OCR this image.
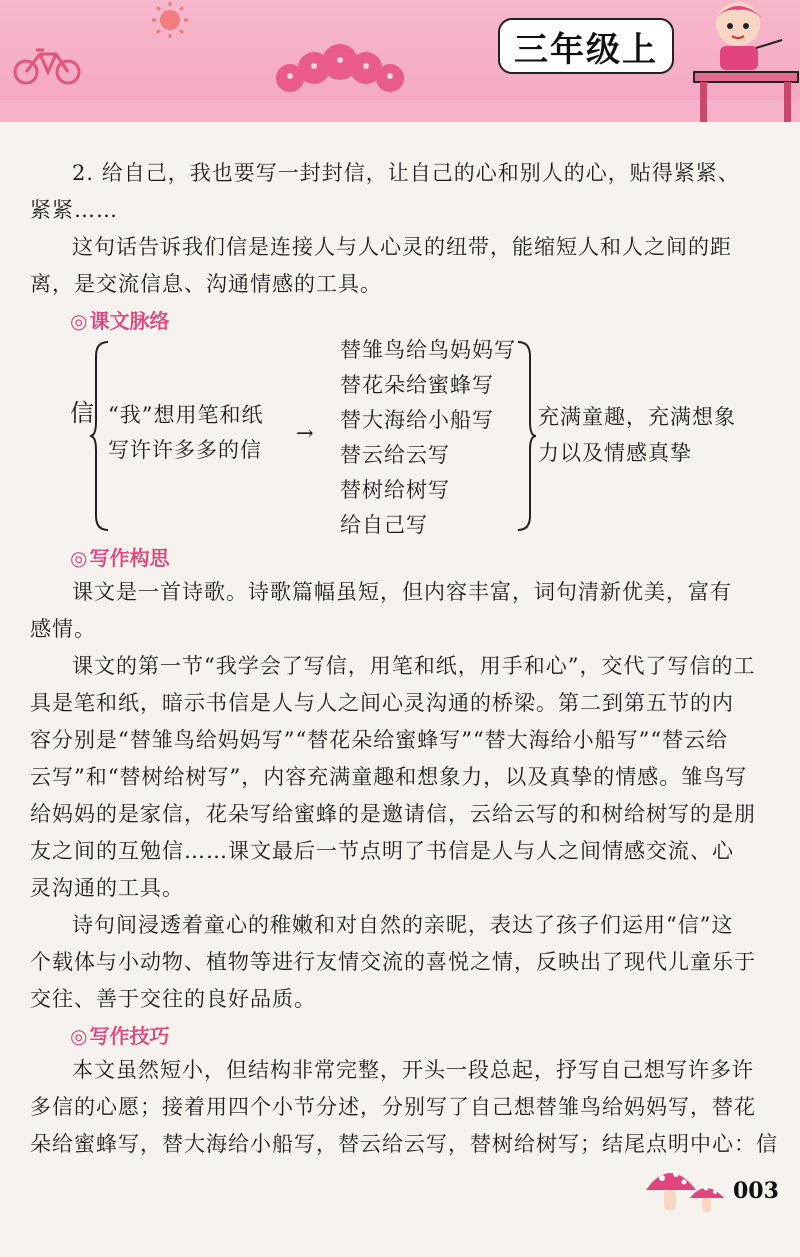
三年级上

2. 给自己，我也要写一封封信，让自己的心和别人的心，贴得紧紧、

紧紧……

这句话告诉我们信是连接人与人心灵的纽带，能缩短人和人之间的距

离，是交流信息、沟通情感的工具。

◎ 课文脉络
信 “我”想用笔和纸
写许许多多的信
→
替雏鸟给鸟妈妈写
替花朵给蜜蜂写
替大海给小船写
替云给云写
替树给树写
给自己写
充满童趣，充满想象
力以及情感真挚
◎ 写作构思

课文是一首诗歌。诗歌篇幅虽短，但内容丰富，词句清新优美，富有

感情。

课文的第一节“我学会了写信，用笔和纸，用手和心”，交代了写信的工

具是笔和纸，暗示书信是人与人之间心灵沟通的桥梁。第二到第五节的内

容分别是“替雏鸟给妈妈写”“替花朵给蜜蜂写”“替大海给小船写”“替云给

云写”和“替树给树写”，内容充满童趣和想象力，以及真挚的情感。雏鸟写

给妈妈的是家信，花朵写给蜜蜂的是邀请信，云给云写的和树给树写的是朋

友之间的互勉信……课文最后一节点明了书信是人与人之间情感交流、心

灵沟通的工具。

诗句间浸透着童心的稚嫩和对自然的亲昵，表达了孩子们运用“信”这

个载体与小动物、植物等进行友情交流的喜悦之情，反映出了现代儿童乐于

交往、善于交往的良好品质。

◎ 写作技巧

本文虽然短小，但结构非常完整，开头一段总起，抒写自己想写许多许

多信的心愿；接着用四个小节分述，分别写了自己想替雏鸟给妈妈写，替花

朵给蜜蜂写，替大海给小船写，替云给云写，替树给树写；结尾点明中心：信

003
